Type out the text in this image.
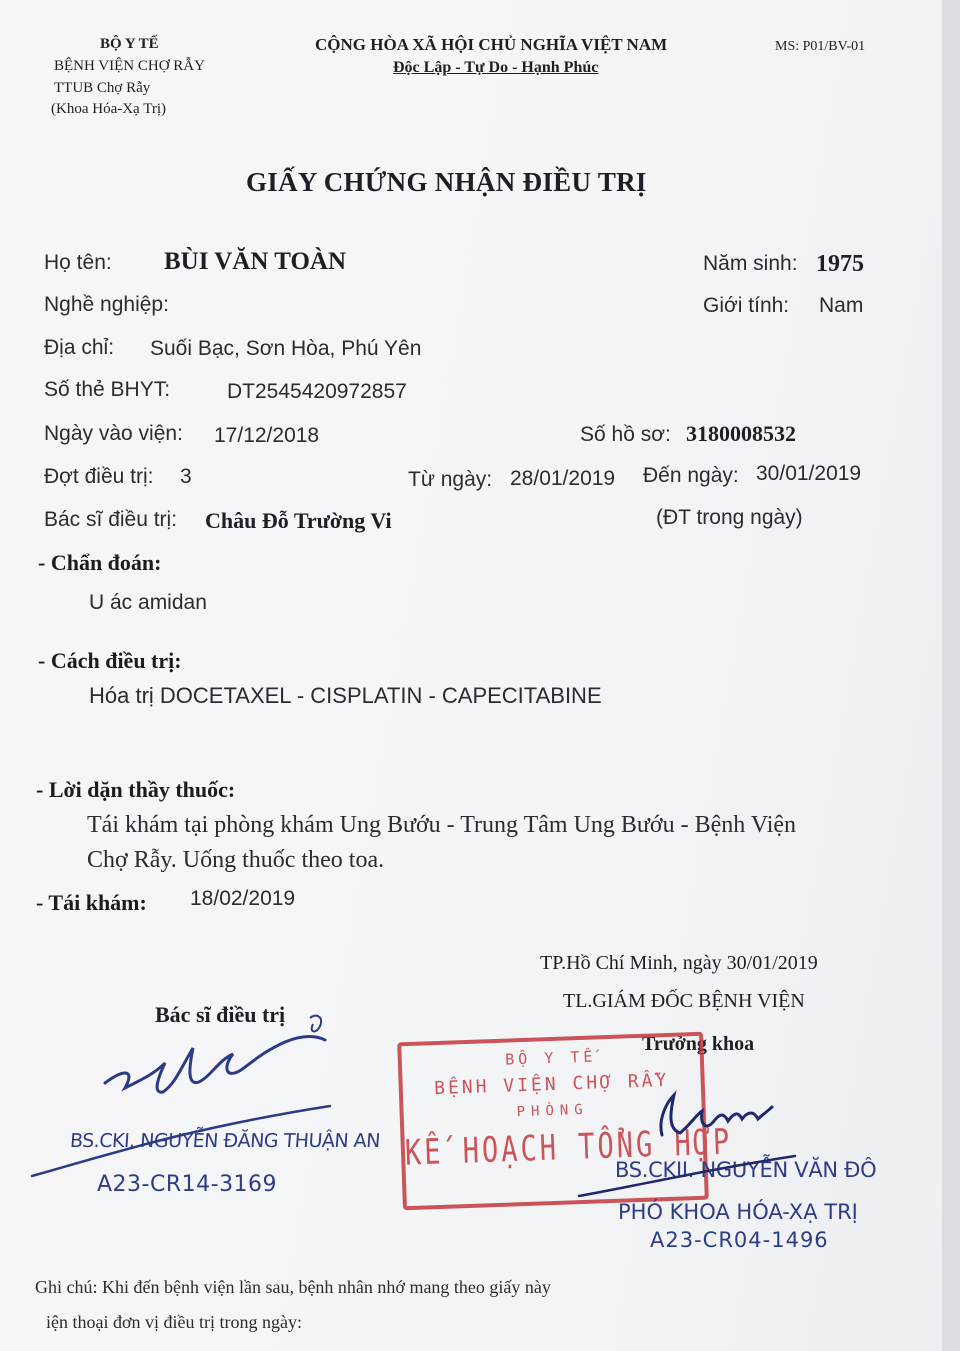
BỘ Y TẾ
BỆNH VIỆN CHỢ RẪY
TTUB Chợ Rẫy
(Khoa Hóa-Xạ Trị)
CỘNG HÒA XÃ HỘI CHỦ NGHĨA VIỆT NAM
Độc Lập - Tự Do - Hạnh Phúc
MS: P01/BV-01
GIẤY CHỨNG NHẬN ĐIỀU TRỊ
Họ tên: BÙI VĂN TOÀN	Năm sinh: 1975
Nghề nghiệp:	Giới tính: Nam
Địa chỉ: Suối Bạc, Sơn Hòa, Phú Yên
Số thẻ BHYT:	DT2545420972857
Ngày vào viện: 17/12/2018	Số hồ sơ: 3180008532
Đợt điều trị: 3	Từ ngày: 28/01/2019 Đến ngày: 30/01/2019
Bác sĩ điều trị: Châu Đỗ Trường Vi	(ĐT trong ngày)
- Chẩn đoán:
U ác amidan
- Cách điều trị:
Hóa trị DOCETAXEL - CISPLATIN - CAPECITABINE
- Lời dặn thầy thuốc:
Tái khám tại phòng khám Ung Bướu - Trung Tâm Ung Bướu - Bệnh Viện
Chợ Rẫy. Uống thuốc theo toa.
- Tái khám: 18/02/2019
TP.Hồ Chí Minh, ngày 30/01/2019
TL.GIÁM ĐỐC BỆNH VIỆN
Trưởng khoa
Bác sĩ điều trị
BS.CKI. NGUYỄN ĐĂNG THUẬN AN
A23-CR14-3169
BỘ Y TẾ
BỆNH VIỆN CHỢ RẪY
PHÒNG
KẾ HOẠCH TỔNG HỢP
BS.CKII. NGUYỄN VĂN ĐÔ
PHÓ KHOA HÓA-XẠ TRỊ
A23-CR04-1496
Ghi chú: Khi đến bệnh viện lần sau, bệnh nhân nhớ mang theo giấy này
iện thoại đơn vị điều trị trong ngày:
